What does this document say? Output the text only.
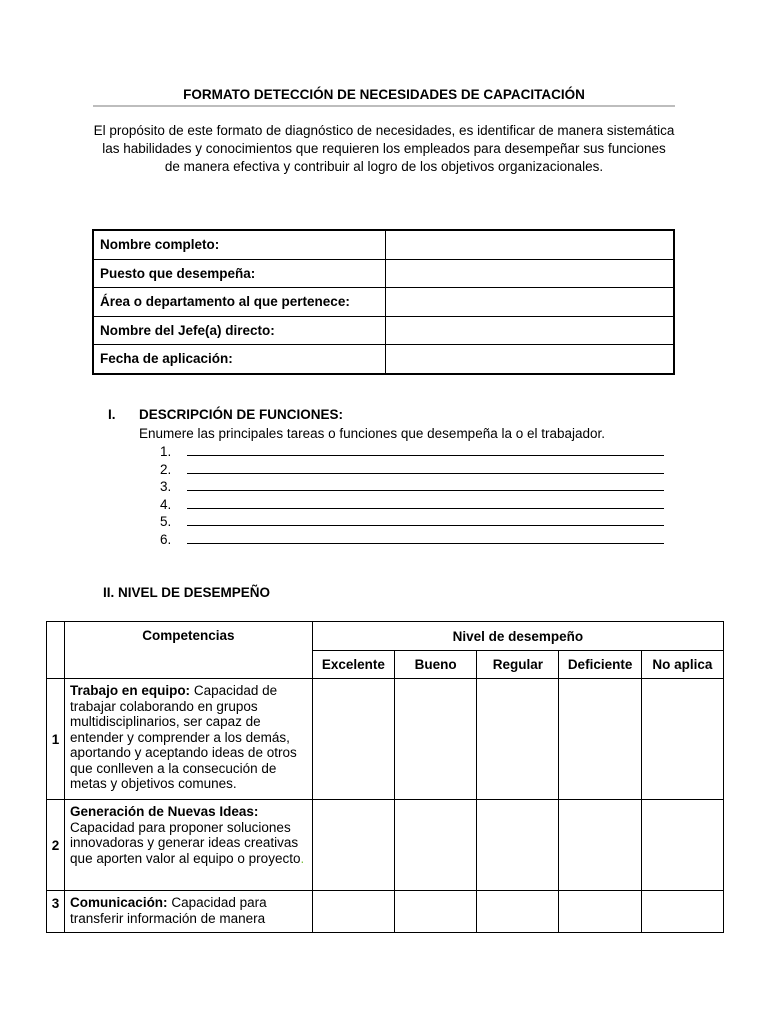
FORMATO DETECCIÓN DE NECESIDADES DE CAPACITACIÓN
El propósito de este formato de diagnóstico de necesidades, es identificar de manera sistemática las habilidades y conocimientos que requieren los empleados para desempeñar sus funciones de manera efectiva y contribuir al logro de los objetivos organizacionales.
Nombre completo:	
Puesto que desempeña:	
Área o departamento al que pertenece:	
Nombre del Jefe(a) directo:	
Fecha de aplicación:	
I. DESCRIPCIÓN DE FUNCIONES:
Enumere las principales tareas o funciones que desempeña la o el trabajador.
1.
2.
3.
4.
5.
6.
II. NIVEL DE DESEMPEÑO
	Competencias	Nivel de desempeño				
		Excelente	Bueno	Regular	Deficiente	No aplica
1	Trabajo en equipo: Capacidad de trabajar colaborando en grupos multidisciplinarios, ser capaz de entender y comprender a los demás, aportando y aceptando ideas de otros que conlleven a la consecución de metas y objetivos comunes.					
2	Generación de Nuevas Ideas: Capacidad para proponer soluciones innovadoras y generar ideas creativas que aporten valor al equipo o proyecto.					
3	Comunicación: Capacidad para transferir información de manera					
